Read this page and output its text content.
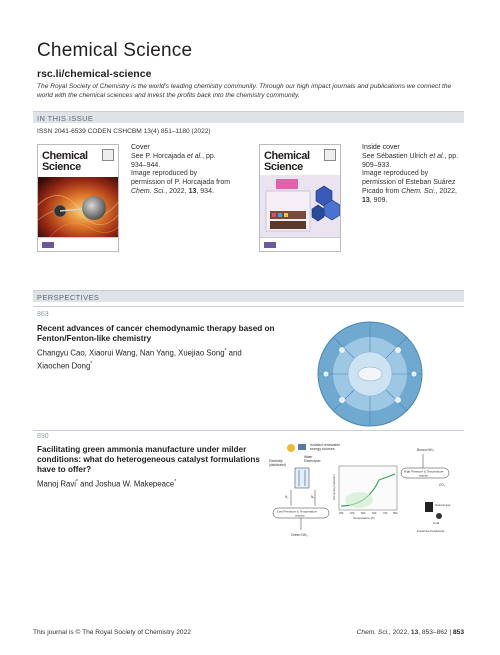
Chemical Science
rsc.li/chemical-science
The Royal Society of Chemistry is the world's leading chemistry community. Through our high impact journals and publications we connect the world with the chemical sciences and invest the profits back into the chemistry community.
IN THIS ISSUE
ISSN 2041-6539 CODEN CSHCBM 13(4) 851–1180 (2022)
Chemical
Science
Cover
See P. Horcajada et al., pp. 934–944.
Image reproduced by permission of P. Horcajada from Chem. Sci., 2022, 13, 934.
Chemical
Science
Inside cover
See Sébastien Ulrich et al., pp. 909–933.
Image reproduced by permission of Esteban Suárez Picado from Chem. Sci., 2022, 13, 909.
PERSPECTIVES
863
Recent advances of cancer chemodynamic therapy based on Fenton/Fenton-like chemistry
Changyu Cao, Xiaorui Wang, Nan Yang, Xuejiao Song* and Xiaochen Dong*
890
Facilitating green ammonia manufacture under milder conditions: what do heterogeneous catalyst formulations have to offer?
Manoj Ravi* and Joshua W. Makepeace*
Isolated renewable
energy sources
Water
Electrolyser
Electricity
(distributed)
H₂	N₂
Low Pressure & Temperature
reactor
Green NH₃
Ammonia production
Temperature (K)
300	400	500	600	700 800
Brown NH₃
High Pressure & Temperature
reactor
CO₂
Natural gas
Coal
Fossil fuel feedstock
This journal is © The Royal Society of Chemistry 2022	Chem. Sci., 2022, 13, 853–862 | 853
